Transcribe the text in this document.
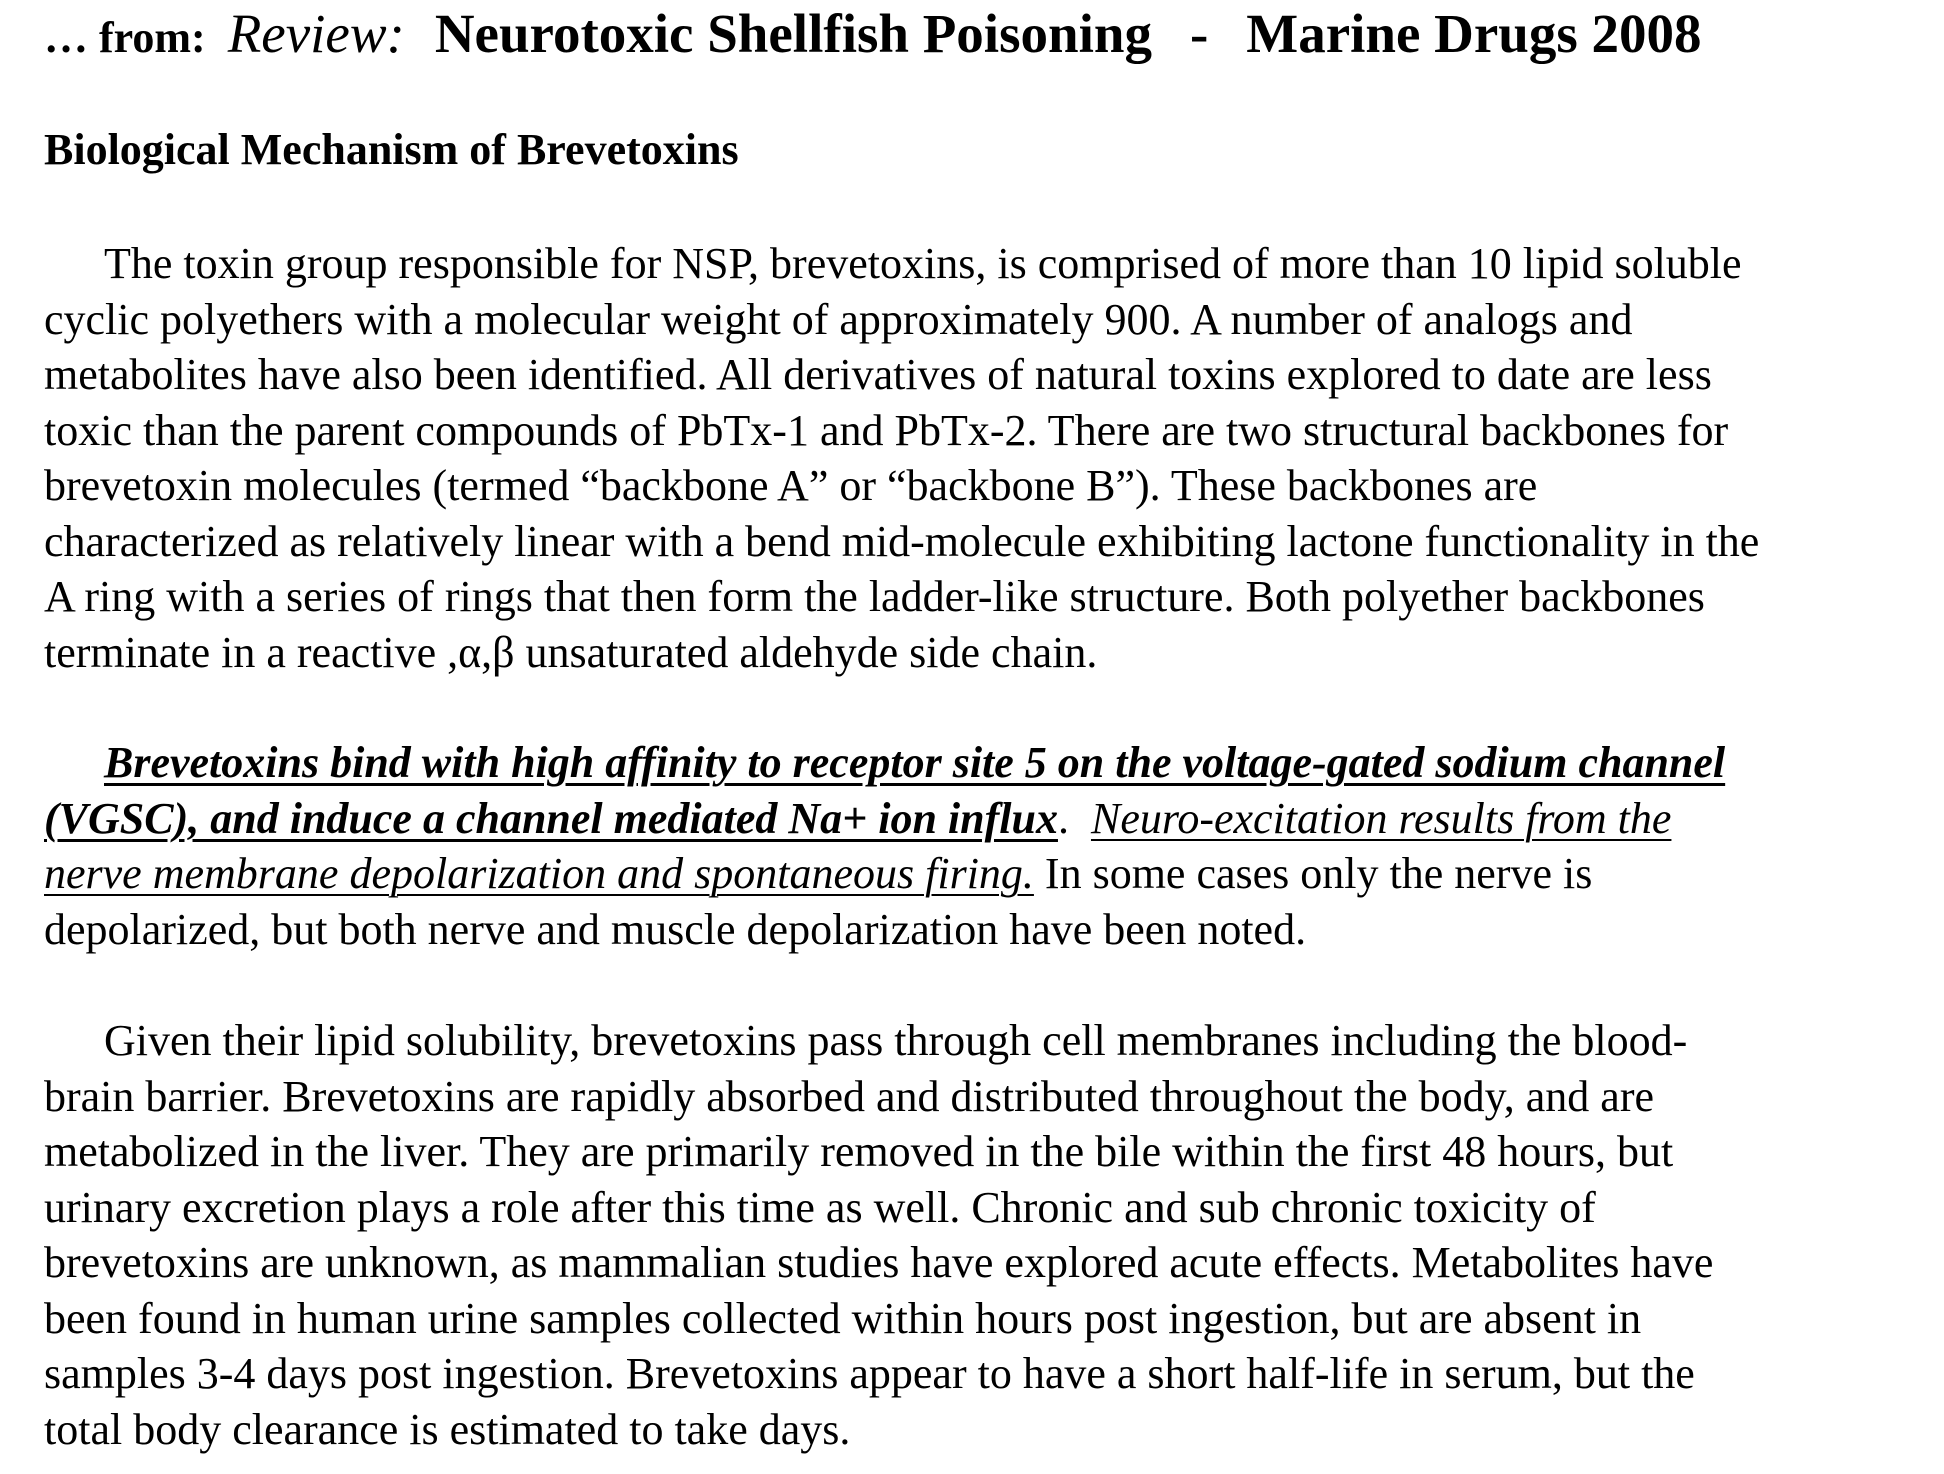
… from: Review: Neurotoxic Shellfish Poisoning - Marine Drugs 2008
Biological Mechanism of Brevetoxins
The toxin group responsible for NSP, brevetoxins, is comprised of more than 10 lipid soluble
cyclic polyethers with a molecular weight of approximately 900. A number of analogs and
metabolites have also been identified. All derivatives of natural toxins explored to date are less
toxic than the parent compounds of PbTx-1 and PbTx-2. There are two structural backbones for
brevetoxin molecules (termed “backbone A” or “backbone B”). These backbones are
characterized as relatively linear with a bend mid-molecule exhibiting lactone functionality in the
A ring with a series of rings that then form the ladder-like structure. Both polyether backbones
terminate in a reactive ,α,β unsaturated aldehyde side chain.
Brevetoxins bind with high affinity to receptor site 5 on the voltage-gated sodium channel
(VGSC), and induce a channel mediated Na+ ion influx.  Neuro-excitation results from the
nerve membrane depolarization and spontaneous firing. In some cases only the nerve is
depolarized, but both nerve and muscle depolarization have been noted.
Given their lipid solubility, brevetoxins pass through cell membranes including the blood-
brain barrier. Brevetoxins are rapidly absorbed and distributed throughout the body, and are
metabolized in the liver. They are primarily removed in the bile within the first 48 hours, but
urinary excretion plays a role after this time as well. Chronic and sub chronic toxicity of
brevetoxins are unknown, as mammalian studies have explored acute effects. Metabolites have
been found in human urine samples collected within hours post ingestion, but are absent in
samples 3-4 days post ingestion. Brevetoxins appear to have a short half-life in serum, but the
total body clearance is estimated to take days.
